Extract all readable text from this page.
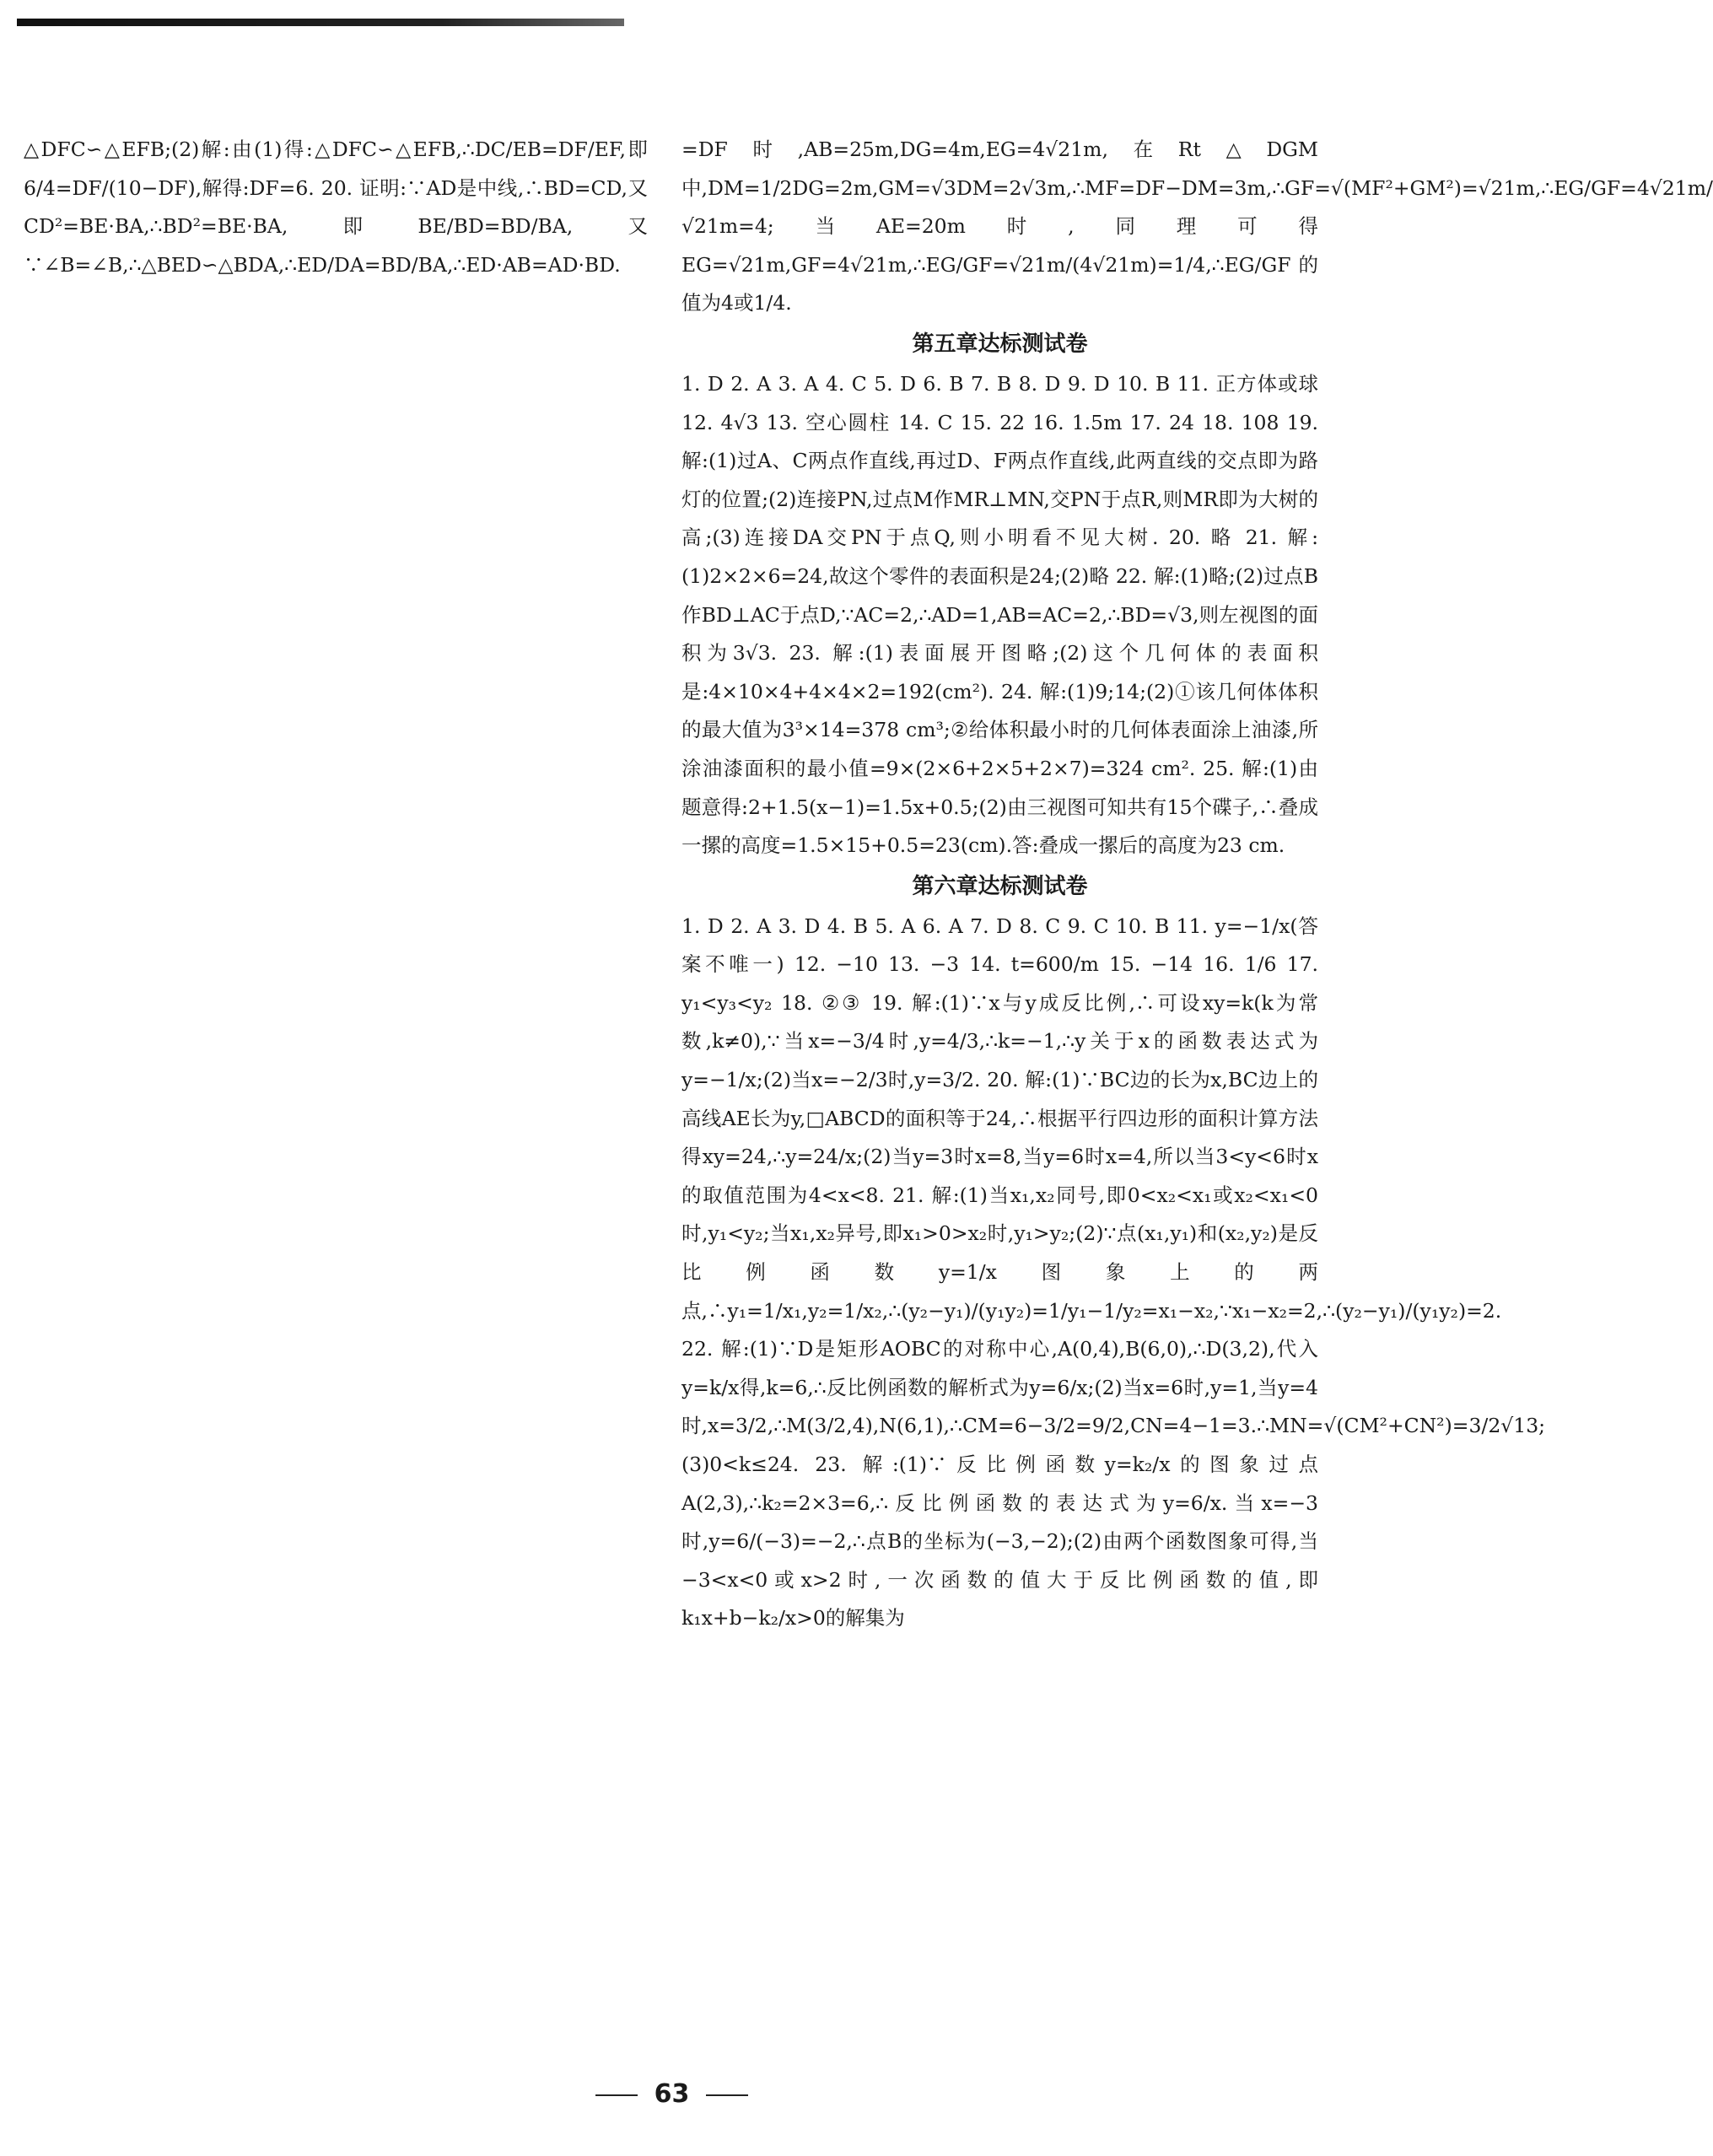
△DFC∽△EFB;(2)解:由(1)得:△DFC∽△EFB,∴DC/EB=DF/EF,即6/4=DF/(10−DF),解得:DF=6. 20. 证明:∵AD是中线,∴BD=CD,又CD²=BE·BA,∴BD²=BE·BA,即BE/BD=BD/BA,又∵∠B=∠B,∴△BED∽△BDA,∴ED/DA=BD/BA,∴ED·AB=AD·BD.

=DF时,AB=25m,DG=4m,EG=4√21m,在Rt△DGM中,DM=1/2DG=2m,GM=√3DM=2√3m,∴MF=DF−DM=3m,∴GF=√(MF²+GM²)=√21m,∴EG/GF=4√21m/√21m=4;当AE=20m时,同理可得EG=√21m,GF=4√21m,∴EG/GF=√21m/(4√21m)=1/4,∴EG/GF的值为4或1/4.

第五章达标测试卷

1. D 2. A 3. A 4. C 5. D 6. B 7. B 8. D 9. D 10. B 11. 正方体或球 12. 4√3 13. 空心圆柱 14. C 15. 22 16. 1.5m 17. 24 18. 108 19. 解:(1)过A、C两点作直线,再过D、F两点作直线,此两直线的交点即为路灯的位置;(2)连接PN,过点M作MR⊥MN,交PN于点R,则MR即为大树的高;(3)连接DA交PN于点Q,则小明看不见大树. 20. 略 21. 解:(1)2×2×6=24,故这个零件的表面积是24;(2)略 22. 解:(1)略;(2)过点B作BD⊥AC于点D,∵AC=2,∴AD=1,AB=AC=2,∴BD=√3,则左视图的面积为3√3. 23. 解:(1)表面展开图略;(2)这个几何体的表面积是:4×10×4+4×4×2=192(cm²). 24. 解:(1)9;14;(2)①该几何体体积的最大值为3³×14=378 cm³;②给体积最小时的几何体表面涂上油漆,所涂油漆面积的最小值=9×(2×6+2×5+2×7)=324 cm². 25. 解:(1)由题意得:2+1.5(x−1)=1.5x+0.5;(2)由三视图可知共有15个碟子,∴叠成一摞的高度=1.5×15+0.5=23(cm).答:叠成一摞后的高度为23 cm.

第六章达标测试卷

1. D 2. A 3. D 4. B 5. A 6. A 7. D 8. C 9. C 10. B 11. y=−1/x(答案不唯一) 12. −10 13. −3 14. t=600/m 15. −14 16. 1/6 17. y₁<y₃<y₂ 18. ②③ 19. 解:(1)∵x与y成反比例,∴可设xy=k(k为常数,k≠0),∵当x=−3/4时,y=4/3,∴k=−1,∴y关于x的函数表达式为y=−1/x;(2)当x=−2/3时,y=3/2. 20. 解:(1)∵BC边的长为x,BC边上的高线AE长为y,□ABCD的面积等于24,∴根据平行四边形的面积计算方法得xy=24,∴y=24/x;(2)当y=3时x=8,当y=6时x=4,所以当3<y<6时x的取值范围为4<x<8. 21. 解:(1)当x₁,x₂同号,即0<x₂<x₁或x₂<x₁<0时,y₁<y₂;当x₁,x₂异号,即x₁>0>x₂时,y₁>y₂;(2)∵点(x₁,y₁)和(x₂,y₂)是反比例函数y=1/x图象上的两点,∴y₁=1/x₁,y₂=1/x₂,∴(y₂−y₁)/(y₁y₂)=1/y₁−1/y₂=x₁−x₂,∵x₁−x₂=2,∴(y₂−y₁)/(y₁y₂)=2. 22. 解:(1)∵D是矩形AOBC的对称中心,A(0,4),B(6,0),∴D(3,2),代入y=k/x得,k=6,∴反比例函数的解析式为y=6/x;(2)当x=6时,y=1,当y=4时,x=3/2,∴M(3/2,4),N(6,1),∴CM=6−3/2=9/2,CN=4−1=3.∴MN=√(CM²+CN²)=3/2√13;(3)0<k≤24. 23. 解:(1)∵反比例函数y=k₂/x的图象过点A(2,3),∴k₂=2×3=6,∴反比例函数的表达式为y=6/x.当x=−3时,y=6/(−3)=−2,∴点B的坐标为(−3,−2);(2)由两个函数图象可得,当−3<x<0或x>2时,一次函数的值大于反比例函数的值,即k₁x+b−k₂/x>0的解集为

63
